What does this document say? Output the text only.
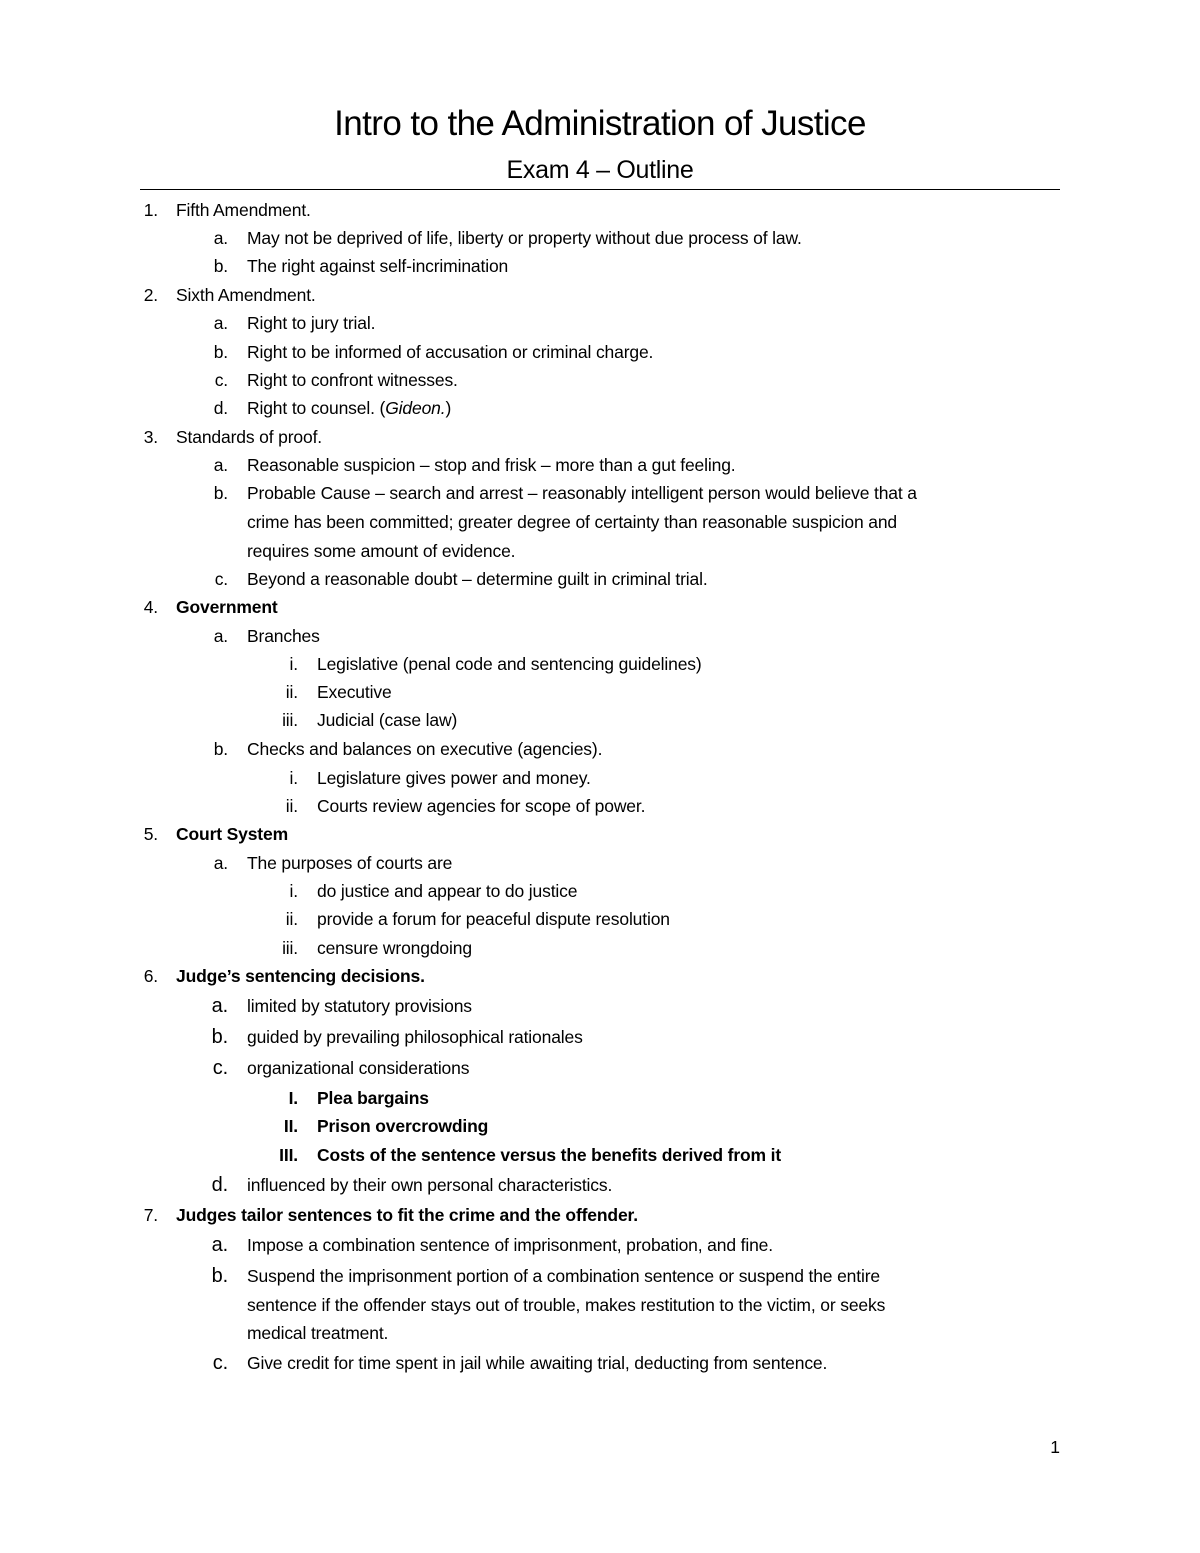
Intro to the Administration of Justice
Exam 4 – Outline
1. Fifth Amendment.
a. May not be deprived of life, liberty or property without due process of law.
b. The right against self-incrimination
2. Sixth Amendment.
a. Right to jury trial.
b. Right to be informed of accusation or criminal charge.
c. Right to confront witnesses.
d. Right to counsel. (Gideon.)
3. Standards of proof.
a. Reasonable suspicion – stop and frisk – more than a gut feeling.
b. Probable Cause – search and arrest – reasonably intelligent person would believe that a
crime has been committed; greater degree of certainty than reasonable suspicion and
requires some amount of evidence.
c. Beyond a reasonable doubt – determine guilt in criminal trial.
4. Government
a. Branches
i. Legislative (penal code and sentencing guidelines)
ii. Executive
iii. Judicial (case law)
b. Checks and balances on executive (agencies).
i. Legislature gives power and money.
ii. Courts review agencies for scope of power.
5. Court System
a. The purposes of courts are
i. do justice and appear to do justice
ii. provide a forum for peaceful dispute resolution
iii. censure wrongdoing
6. Judge’s sentencing decisions.
a. limited by statutory provisions
b. guided by prevailing philosophical rationales
c. organizational considerations
I. Plea bargains
II. Prison overcrowding
III. Costs of the sentence versus the benefits derived from it
d. influenced by their own personal characteristics.
7. Judges tailor sentences to fit the crime and the offender.
a. Impose a combination sentence of imprisonment, probation, and fine.
b. Suspend the imprisonment portion of a combination sentence or suspend the entire
sentence if the offender stays out of trouble, makes restitution to the victim, or seeks
medical treatment.
c. Give credit for time spent in jail while awaiting trial, deducting from sentence.
1
